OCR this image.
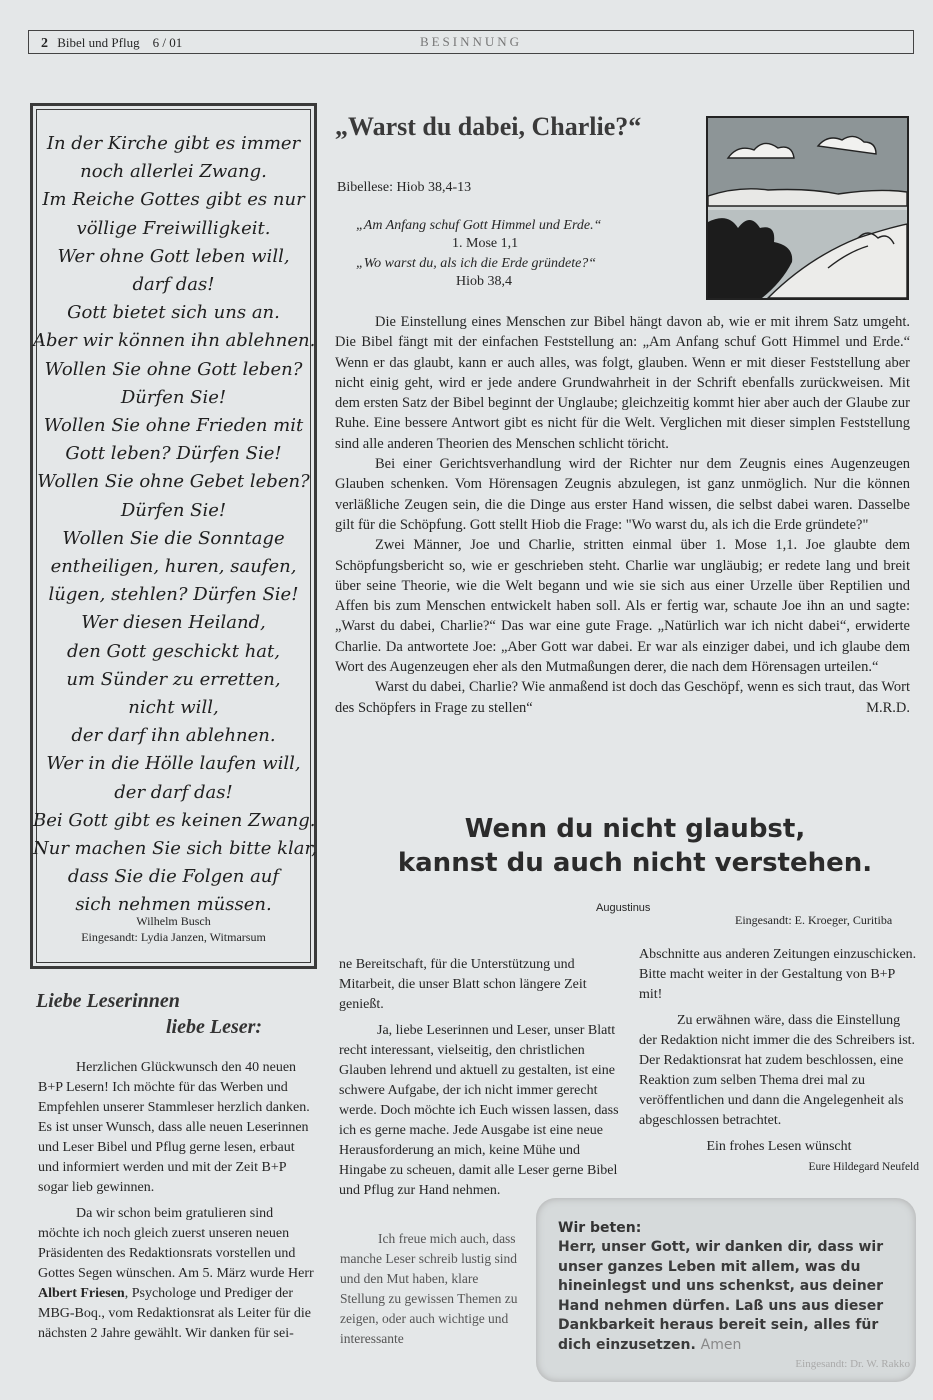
2 Bibel und Pflug 6 / 01	BESINNUNG
In der Kirche gibt es immer
noch allerlei Zwang.
Im Reiche Gottes gibt es nur
völlige Freiwilligkeit.
Wer ohne Gott leben will,
darf das!
Gott bietet sich uns an.
Aber wir können ihn ablehnen.
Wollen Sie ohne Gott leben?
Dürfen Sie!
Wollen Sie ohne Frieden mit
Gott leben? Dürfen Sie!
Wollen Sie ohne Gebet leben?
Dürfen Sie!
Wollen Sie die Sonntage
entheiligen, huren, saufen,
lügen, stehlen? Dürfen Sie!
Wer diesen Heiland,
den Gott geschickt hat,
um Sünder zu erretten,
nicht will,
der darf ihn ablehnen.
Wer in die Hölle laufen will,
der darf das!
Bei Gott gibt es keinen Zwang.
Nur machen Sie sich bitte klar,
dass Sie die Folgen auf
sich nehmen müssen.
Wilhelm Busch
Eingesandt: Lydia Janzen, Witmarsum
„Warst du dabei, Charlie?“
Bibellese: Hiob 38,4-13
„Am Anfang schuf Gott Himmel und Erde.“
1. Mose 1,1
„Wo warst du, als ich die Erde gründete?“
Hiob 38,4

Die Einstellung eines Menschen zur Bibel hängt davon ab, wie er mit ihrem Satz umgeht. Die Bibel fängt mit der einfachen Feststellung an: „Am Anfang schuf Gott Himmel und Erde.“ Wenn er das glaubt, kann er auch alles, was folgt, glauben. Wenn er mit dieser Feststellung aber nicht einig geht, wird er jede andere Grundwahrheit in der Schrift ebenfalls zurückweisen. Mit dem ersten Satz der Bibel beginnt der Unglaube; gleichzeitig kommt hier aber auch der Glaube zur Ruhe. Eine bessere Antwort gibt es nicht für die Welt. Verglichen mit dieser simplen Feststellung sind alle anderen Theorien des Menschen schlicht töricht.

Bei einer Gerichtsverhandlung wird der Richter nur dem Zeugnis eines Augenzeugen Glauben schenken. Vom Hörensagen Zeugnis abzulegen, ist ganz unmöglich. Nur die können verläßliche Zeugen sein, die die Dinge aus erster Hand wissen, die selbst dabei waren. Dasselbe gilt für die Schöpfung. Gott stellt Hiob die Frage: "Wo warst du, als ich die Erde gründete?"

Zwei Männer, Joe und Charlie, stritten einmal über 1. Mose 1,1. Joe glaubte dem Schöpfungsbericht so, wie er geschrieben steht. Charlie war ungläubig; er redete lang und breit über seine Theorie, wie die Welt begann und wie sie sich aus einer Urzelle über Reptilien und Affen bis zum Menschen entwickelt haben soll. Als er fertig war, schaute Joe ihn an und sagte: „Warst du dabei, Charlie?“ Das war eine gute Frage. „Natürlich war ich nicht dabei“, erwiderte Charlie. Da antwortete Joe: „Aber Gott war dabei. Er war als einziger dabei, und ich glaube dem Wort des Augenzeugen eher als den Mutmaßungen derer, die nach dem Hörensagen urteilen.“

Warst du dabei, Charlie? Wie anmaßend ist doch das Geschöpf, wenn es sich traut, das Wort des Schöpfers in Frage zu stellen“	M.R.D.
Wenn du nicht glaubst,
kannst du auch nicht verstehen.
Augustinus
Eingesandt: E. Kroeger, Curitiba
Liebe Leserinnen
liebe Leser:

Herzlichen Glückwunsch den 40 neuen B+P Lesern! Ich möchte für das Werben und Empfehlen unserer Stammleser herzlich danken. Es ist unser Wunsch, dass alle neuen Leserinnen und Leser Bibel und Pflug gerne lesen, erbaut und informiert werden und mit der Zeit B+P sogar lieb gewinnen.

Da wir schon beim gratulieren sind möchte ich noch gleich zuerst unseren neuen Präsidenten des Redaktionsrats vorstellen und Gottes Segen wünschen. Am 5. März wurde Herr Albert Friesen, Psychologe und Prediger der MBG-Boq., vom Redaktionsrat als Leiter für die nächsten 2 Jahre gewählt. Wir danken für sei-

ne Bereitschaft, für die Unterstützung und Mitarbeit, die unser Blatt schon längere Zeit genießt.

Ja, liebe Leserinnen und Leser, unser Blatt recht interessant, vielseitig, den christlichen Glauben lehrend und aktuell zu gestalten, ist eine schwere Aufgabe, der ich nicht immer gerecht werde. Doch möchte ich Euch wissen lassen, dass ich es gerne mache. Jede Ausgabe ist eine neue Herausforderung an mich, keine Mühe und Hingabe zu scheuen, damit alle Leser gerne Bibel und Pflug zur Hand nehmen.

Ich freue mich auch, dass manche Leser schreib lustig sind und den Mut haben, klare Stellung zu gewissen Themen zu zeigen, oder auch wichtige und interessante

Abschnitte aus anderen Zeitungen einzuschicken. Bitte macht weiter in der Gestaltung von B+P mit!

Zu erwähnen wäre, dass die Einstellung der Redaktion nicht immer die des Schreibers ist. Der Redaktionsrat hat zudem beschlossen, eine Reaktion zum selben Thema drei mal zu veröffentlichen und dann die Angelegenheit als abgeschlossen betrachtet.

Ein frohes Lesen wünscht
Eure Hildegard Neufeld
Wir beten:
Herr, unser Gott, wir danken dir, dass wir unser ganzes Leben mit allem, was du hineinlegst und uns schenkst, aus deiner Hand nehmen dürfen. Laß uns aus dieser Dankbarkeit heraus bereit sein, alles für dich einzusetzen. Amen
Eingesandt: Dr. W. Rakko
